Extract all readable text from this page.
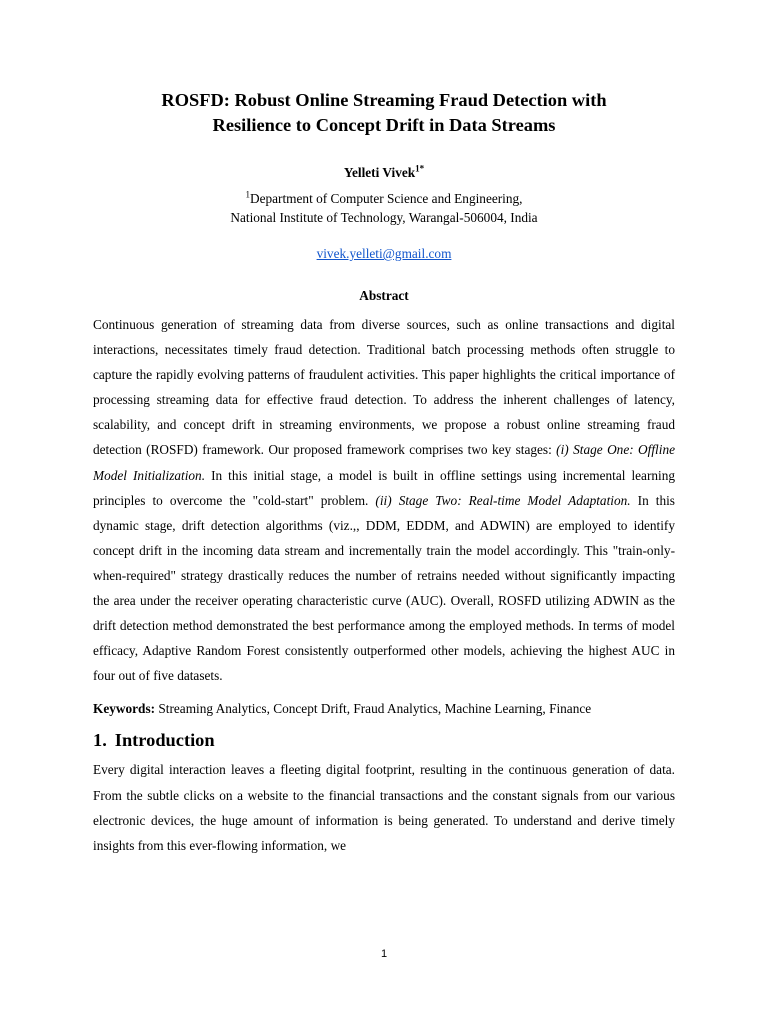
ROSFD: Robust Online Streaming Fraud Detection with
Resilience to Concept Drift in Data Streams
Yelleti Vivek$^{1*}$
$^1$Department of Computer Science and Engineering,
National Institute of Technology, Warangal-506004, India
vivek.yelleti@gmail.com
Abstract

Continuous generation of streaming data from diverse sources, such as online transactions and digital interactions, necessitates timely fraud detection. Traditional batch processing methods often struggle to capture the rapidly evolving patterns of fraudulent activities. This paper highlights the critical importance of processing streaming data for effective fraud detection. To address the inherent challenges of latency, scalability, and concept drift in streaming environments, we propose a robust online streaming fraud detection (ROSFD) framework. Our proposed framework comprises two key stages: (i) Stage One: Offline Model Initialization. In this initial stage, a model is built in offline settings using incremental learning principles to overcome the "cold-start" problem. (ii) Stage Two: Real-time Model Adaptation. In this dynamic stage, drift detection algorithms (viz.,, DDM, EDDM, and ADWIN) are employed to identify concept drift in the incoming data stream and incrementally train the model accordingly. This "train-only-when-required" strategy drastically reduces the number of retrains needed without significantly impacting the area under the receiver operating characteristic curve (AUC). Overall, ROSFD utilizing ADWIN as the drift detection method demonstrated the best performance among the employed methods. In terms of model efficacy, Adaptive Random Forest consistently outperformed other models, achieving the highest AUC in four out of five datasets.

Keywords: Streaming Analytics, Concept Drift, Fraud Analytics, Machine Learning, Finance
1. Introduction

Every digital interaction leaves a fleeting digital footprint, resulting in the continuous generation of data. From the subtle clicks on a website to the financial transactions and the constant signals from our various electronic devices, the huge amount of information is being generated. To understand and derive timely insights from this ever-flowing information, we

1
